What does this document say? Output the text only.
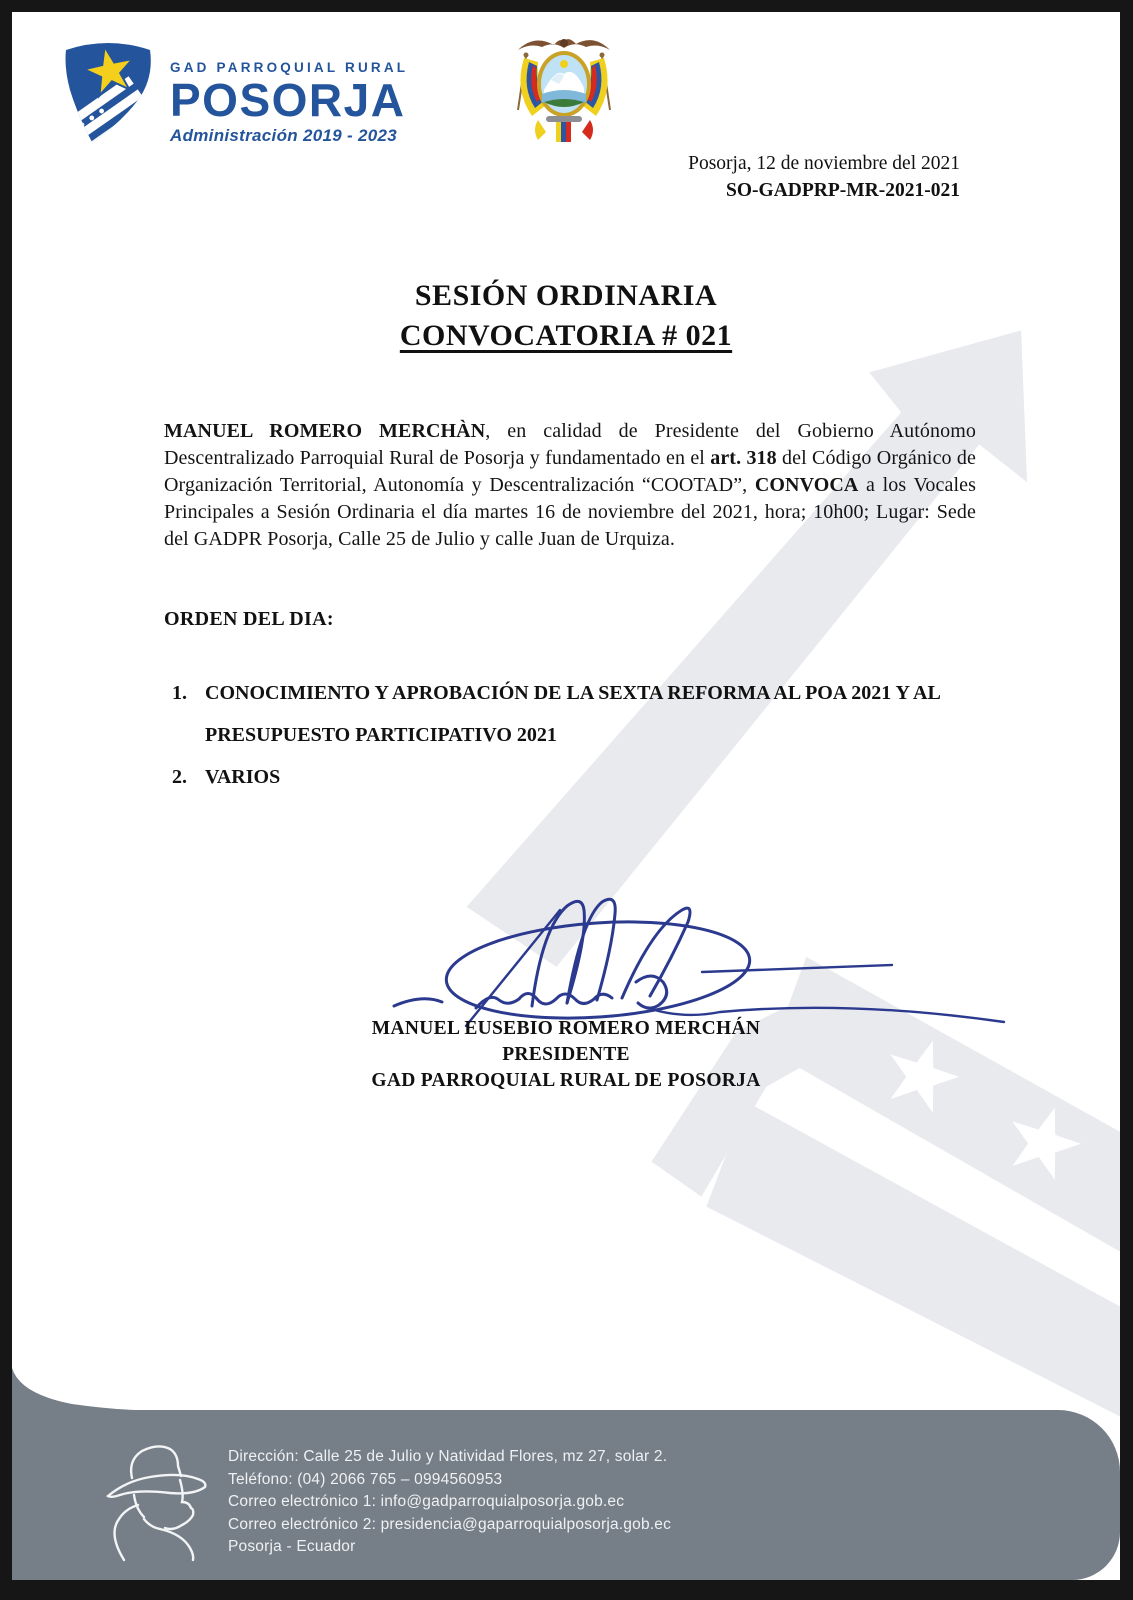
GAD PARROQUIAL RURAL
POSORJA
Administración 2019 - 2023
Posorja, 12 de noviembre del 2021
SO-GADPRP-MR-2021-021
SESIÓN ORDINARIA
CONVOCATORIA # 021

MANUEL ROMERO MERCHÀN, en calidad de Presidente del Gobierno Autónomo Descentralizado Parroquial Rural de Posorja y fundamentado en el art. 318 del Código Orgánico de Organización Territorial, Autonomía y Descentralización “COOTAD”, CONVOCA a los Vocales Principales a Sesión Ordinaria el día martes 16 de noviembre del 2021, hora; 10h00; Lugar: Sede del GADPR Posorja, Calle 25 de Julio y calle Juan de Urquiza.

ORDEN DEL DIA:
1. CONOCIMIENTO Y APROBACIÓN DE LA SEXTA REFORMA AL POA 2021 Y AL PRESUPUESTO PARTICIPATIVO 2021
2. VARIOS
MANUEL EUSEBIO ROMERO MERCHÁN
PRESIDENTE
GAD PARROQUIAL RURAL DE POSORJA
Dirección: Calle 25 de Julio y Natividad Flores, mz 27, solar 2.
Teléfono: (04) 2066 765 – 0994560953
Correo electrónico 1: info@gadparroquialposorja.gob.ec
Correo electrónico 2: presidencia@gaparroquialposorja.gob.ec
Posorja - Ecuador
